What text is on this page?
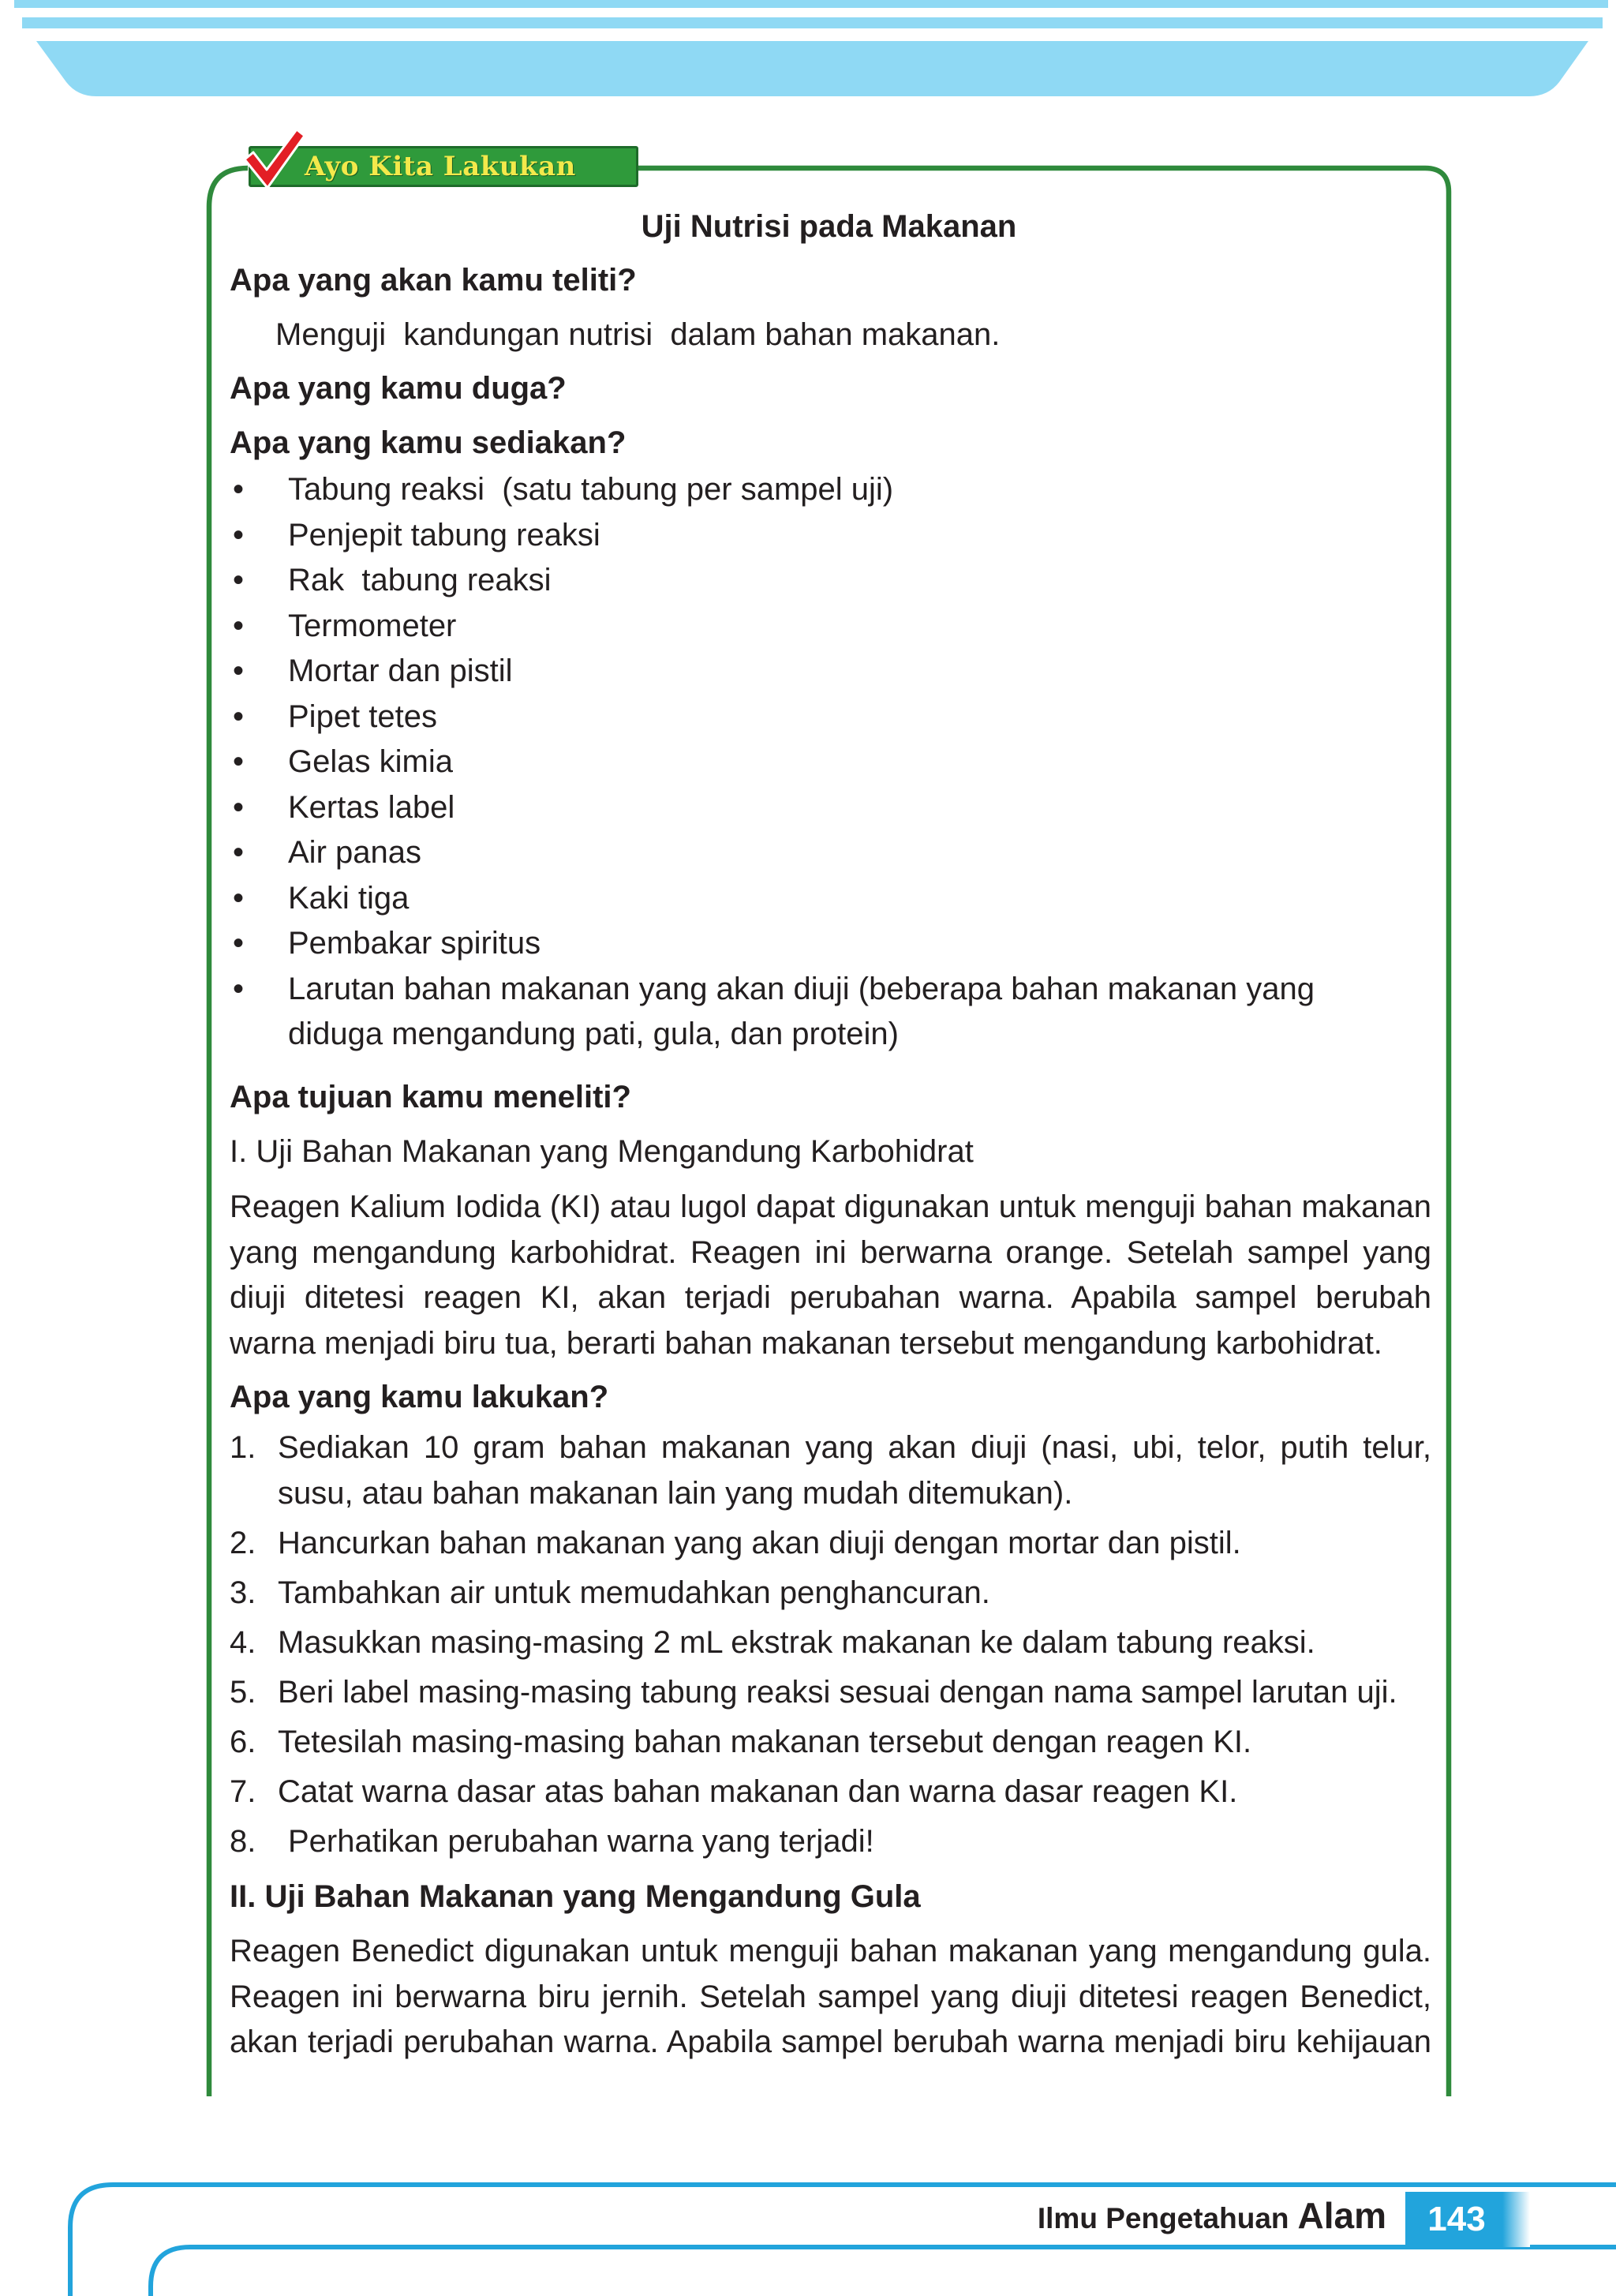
Ayo Kita Lakukan
Uji Nutrisi pada Makanan
Apa yang akan kamu teliti?
Menguji  kandungan nutrisi  dalam bahan makanan.
Apa yang kamu duga?
Apa yang kamu sediakan?
•	Tabung reaksi  (satu tabung per sampel uji)
•	Penjepit tabung reaksi
•	Rak  tabung reaksi
•	Termometer
•	Mortar dan pistil
•	Pipet tetes
•	Gelas kimia
•	Kertas label
•	Air panas
•	Kaki tiga
•	Pembakar spiritus
•	Larutan bahan makanan yang akan diuji (beberapa bahan makanan yang
diduga mengandung pati, gula, dan protein)
Apa tujuan kamu meneliti?
I. Uji Bahan Makanan yang Mengandung Karbohidrat
Reagen Kalium Iodida (KI) atau lugol dapat digunakan untuk menguji bahan makanan
yang mengandung karbohidrat. Reagen ini berwarna orange. Setelah sampel yang
diuji ditetesi reagen KI, akan terjadi perubahan warna. Apabila sampel berubah
warna menjadi biru tua, berarti bahan makanan tersebut mengandung karbohidrat.
Apa yang kamu lakukan?
1. Sediakan 10 gram bahan makanan yang akan diuji (nasi, ubi, telor, putih telur,
susu, atau bahan makanan lain yang mudah ditemukan).
2. Hancurkan bahan makanan yang akan diuji dengan mortar dan pistil.
3. Tambahkan air untuk memudahkan penghancuran.
4. Masukkan masing-masing 2 mL ekstrak makanan ke dalam tabung reaksi.
5. Beri label masing-masing tabung reaksi sesuai dengan nama sampel larutan uji.
6. Tetesilah masing-masing bahan makanan tersebut dengan reagen KI.
7. Catat warna dasar atas bahan makanan dan warna dasar reagen KI.
8.	Perhatikan perubahan warna yang terjadi!
II. Uji Bahan Makanan yang Mengandung Gula
Reagen Benedict digunakan untuk menguji bahan makanan yang mengandung gula.
Reagen ini berwarna biru jernih. Setelah sampel yang diuji ditetesi reagen Benedict,
akan terjadi perubahan warna. Apabila sampel berubah warna menjadi biru kehijauan
Ilmu Pengetahuan Alam	143
